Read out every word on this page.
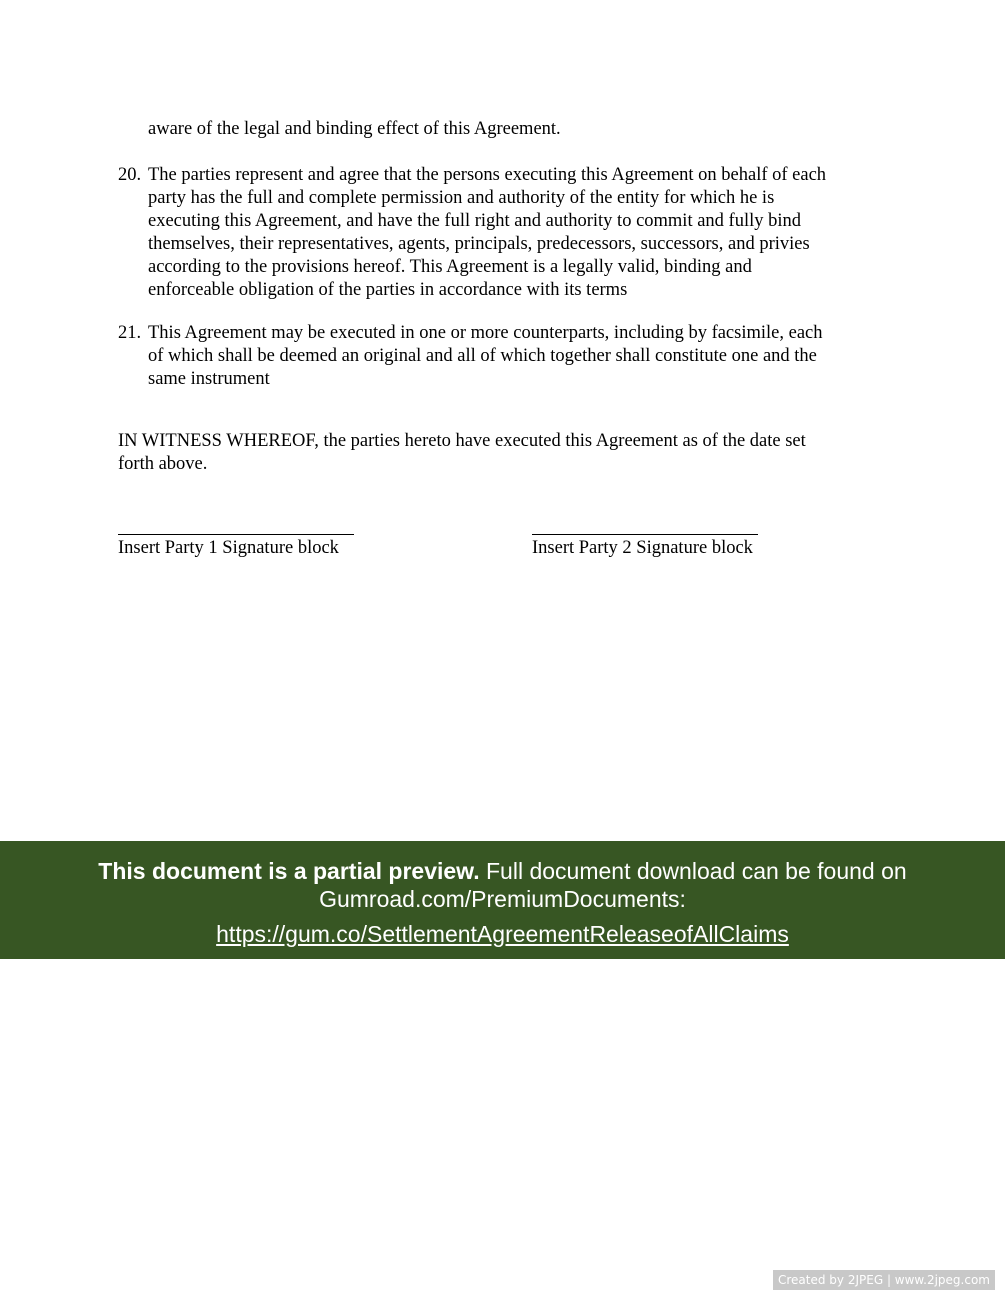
aware of the legal and binding effect of this Agreement.
20. The parties represent and agree that the persons executing this Agreement on behalf of each
party has the full and complete permission and authority of the entity for which he is
executing this Agreement, and have the full right and authority to commit and fully bind
themselves, their representatives, agents, principals, predecessors, successors, and privies
according to the provisions hereof. This Agreement is a legally valid, binding and
enforceable obligation of the parties in accordance with its terms
21. This Agreement may be executed in one or more counterparts, including by facsimile, each
of which shall be deemed an original and all of which together shall constitute one and the
same instrument
IN WITNESS WHEREOF, the parties hereto have executed this Agreement as of the date set
forth above.
Insert Party 1 Signature block	Insert Party 2 Signature block
This document is a partial preview. Full document download can be found on
Gumroad.com/PremiumDocuments:
https://gum.co/SettlementAgreementReleaseofAllClaims
Created by 2JPEG | www.2jpeg.com
